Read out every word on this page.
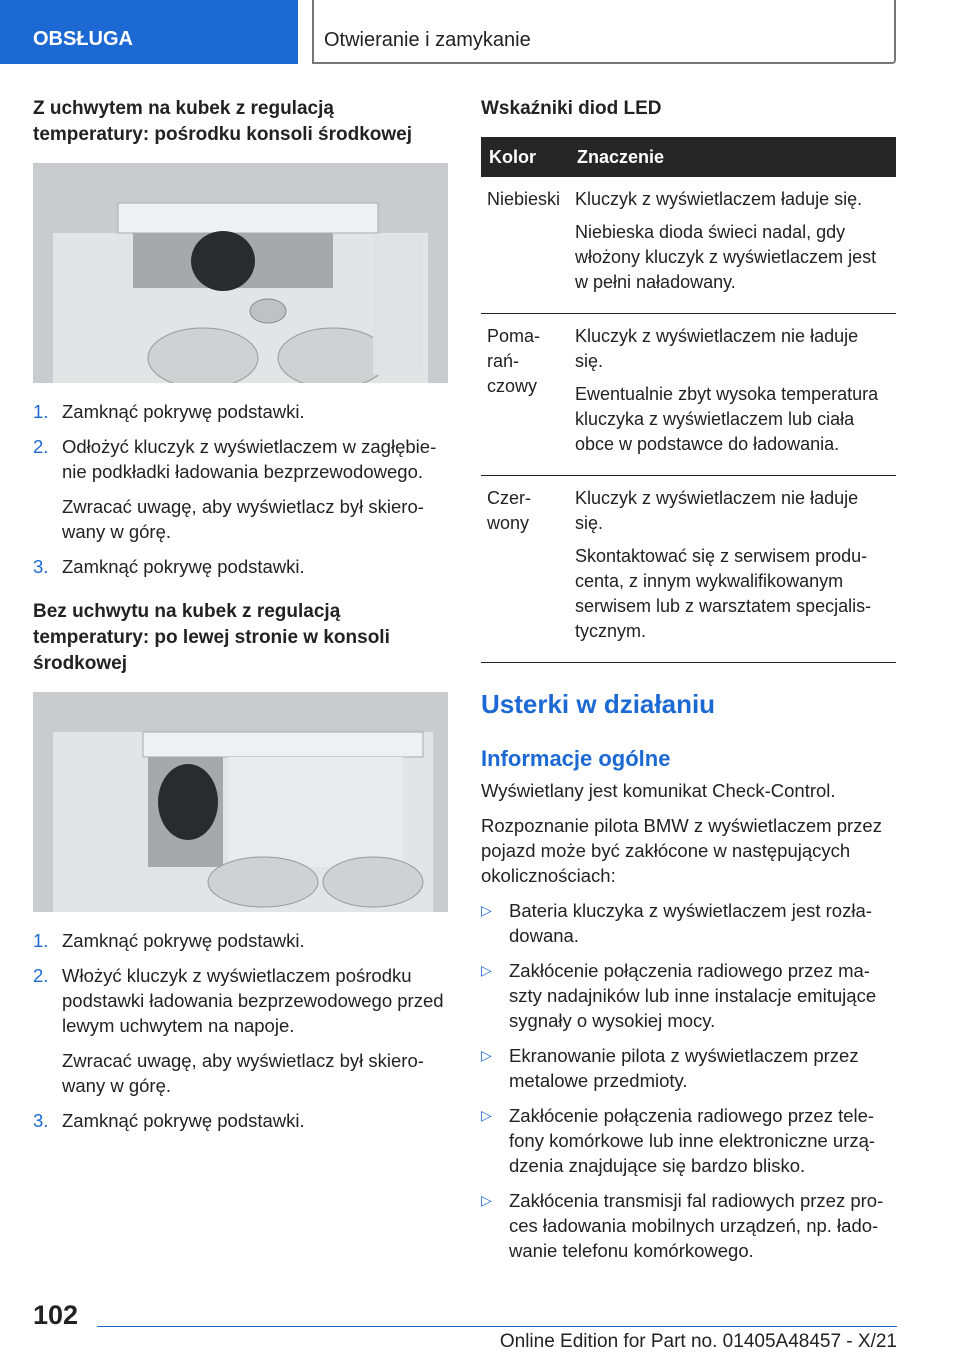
OBSŁUGA	Otwieranie i zamykanie
Z uchwytem na kubek z regulacją temperatury: pośrodku konsoli środkowej
1. Zamknąć pokrywę podstawki.
2. Odłożyć kluczyk z wyświetlaczem w zagłębienie podkładki ładowania bezprzewodowego.
Zwracać uwagę, aby wyświetlacz był skierowany w górę.
3. Zamknąć pokrywę podstawki.
Bez uchwytu na kubek z regulacją temperatury: po lewej stronie w konsoli środkowej
1. Zamknąć pokrywę podstawki.
2. Włożyć kluczyk z wyświetlaczem pośrodku podstawki ładowania bezprzewodowego przed lewym uchwytem na napoje.
Zwracać uwagę, aby wyświetlacz był skierowany w górę.
3. Zamknąć pokrywę podstawki.
Wskaźniki diod LED
Kolor	Znaczenie
Niebieski	Kluczyk z wyświetlaczem ładuje się.

Niebieska dioda świeci nadal, gdy włożony kluczyk z wyświetlaczem jest w pełni naładowany.

Pomarańczowy	Kluczyk z wyświetlaczem nie ładuje się.

Ewentualnie zbyt wysoka temperatura kluczyka z wyświetlaczem lub ciała obce w podstawce do ładowania.

Czerwony	Kluczyk z wyświetlaczem nie ładuje się.

Skontaktować się z serwisem producenta, z innym wykwalifikowanym serwisem lub z warsztatem specjalistycznym.

Usterki w działaniu
Informacje ogólne

Wyświetlany jest komunikat Check-Control.

Rozpoznanie pilota BMW z wyświetlaczem przez pojazd może być zakłócone w następujących okolicznościach:

▷ Bateria kluczyka z wyświetlaczem jest rozładowana.
▷ Zakłócenie połączenia radiowego przez maszty nadajników lub inne instalacje emitujące sygnały o wysokiej mocy.
▷ Ekranowanie pilota z wyświetlaczem przez metalowe przedmioty.
▷ Zakłócenie połączenia radiowego przez telefony komórkowe lub inne elektroniczne urządzenia znajdujące się bardzo blisko.
▷ Zakłócenia transmisji fal radiowych przez proces ładowania mobilnych urządzeń, np. ładowanie telefonu komórkowego.
102
Online Edition for Part no. 01405A48457 - X/21
